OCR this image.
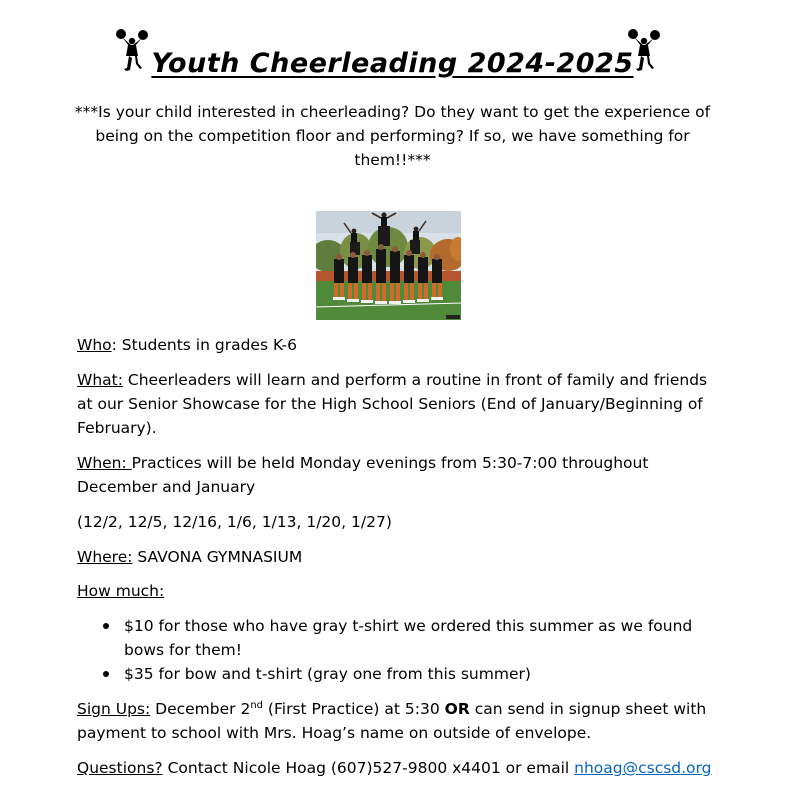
Youth Cheerleading 2024-2025
***Is your child interested in cheerleading? Do they want to get the experience of being on the competition floor and performing? If so, we have something for them!!***
Who: Students in grades K-6
What: Cheerleaders will learn and perform a routine in front of family and friends at our Senior Showcase for the High School Seniors (End of January/Beginning of February).
When: Practices will be held Monday evenings from 5:30-7:00 throughout December and January
(12/2, 12/5, 12/16, 1/6, 1/13, 1/20, 1/27)
Where: SAVONA GYMNASIUM
How much:
$10 for those who have gray t-shirt we ordered this summer as we found bows for them!
$35 for bow and t-shirt (gray one from this summer)
Sign Ups: December 2nd (First Practice) at 5:30 OR can send in signup sheet with payment to school with Mrs. Hoag’s name on outside of envelope.
Questions? Contact Nicole Hoag (607)527-9800 x4401 or email nhoag@cscsd.org
